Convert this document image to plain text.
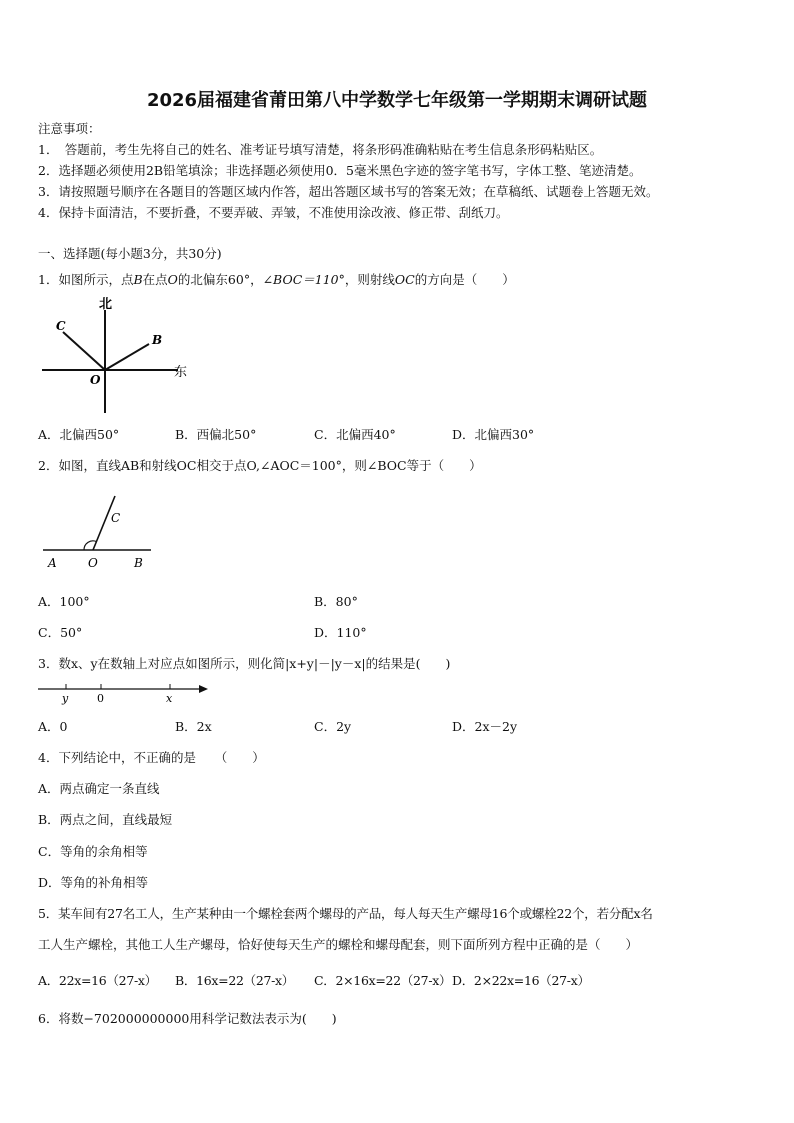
2026届福建省莆田第八中学数学七年级第一学期期末调研试题
注意事项：
1．　答题前，考生先将自己的姓名、准考证号填写清楚，将条形码准确粘贴在考生信息条形码粘贴区。
2．选择题必须使用2B铅笔填涂；非选择题必须使用0．5毫米黑色字迹的签字笔书写，字体工整、笔迹清楚。
3．请按照题号顺序在各题目的答题区域内作答，超出答题区域书写的答案无效；在草稿纸、试题卷上答题无效。
4．保持卡面清洁，不要折叠，不要弄破、弄皱，不准使用涂改液、修正带、刮纸刀。
一、选择题(每小题3分，共30分)
1．如图所示，点B在点O的北偏东60°，∠BOC＝110°，则射线OC的方向是（　　）
北
东
C
B
O
A．北偏西50°	B．西偏北50°	C．北偏西40°	D．北偏西30°
2．如图，直线AB和射线OC相交于点O,∠AOC＝100°，则∠BOC等于（　　）
A	O	B
C
A．100°	B．80°
C．50°	D．110°
3．数x、y在数轴上对应点如图所示，则化简|x+y|－|y－x|的结果是(　　)
y	0	x
A．0	B．2x	C．2y	D．2x－2y
4．下列结论中，不正确的是　　（　　）
A．两点确定一条直线
B．两点之间，直线最短
C．等角的余角相等
D．等角的补角相等
5．某车间有27名工人，生产某种由一个螺栓套两个螺母的产品，每人每天生产螺母16个或螺栓22个，若分配x名
工人生产螺栓，其他工人生产螺母，恰好使每天生产的螺栓和螺母配套，则下面所列方程中正确的是（　　）
A．22x=16（27-x） B．16x=22（27-x） C．2×16x=22（27-x） D．2×22x=16（27-x）
6．将数−702000000000用科学记数法表示为(　　)
